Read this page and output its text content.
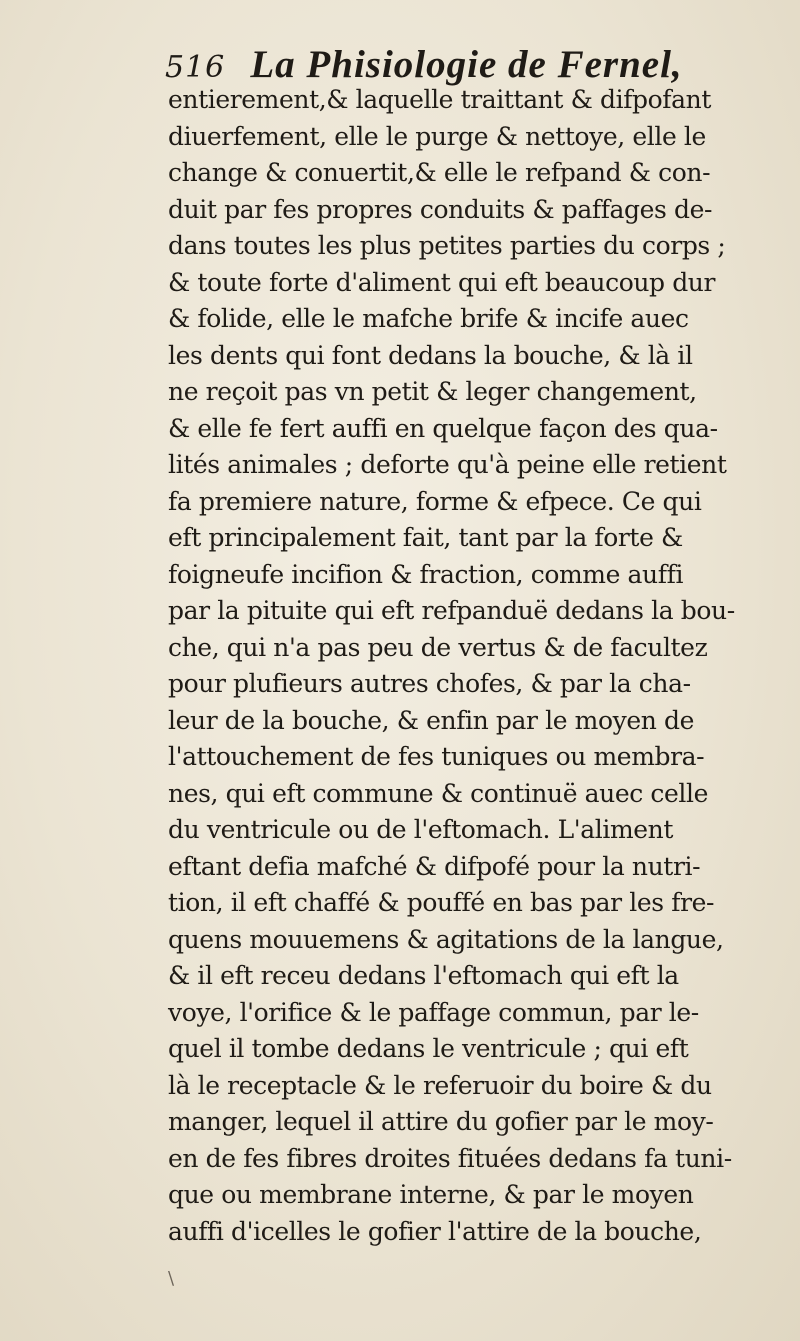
516 La Phisiologie de Fernel,
entierement,& laquelle traittant & difpofant
diuerfement, elle le purge & nettoye, elle le
change & conuertit,& elle le refpand & con-
duit par fes propres conduits & paffages de-
dans toutes les plus petites parties du corps ;
& toute forte d'aliment qui eft beaucoup dur
& folide, elle le mafche brife & incife auec
les dents qui font dedans la bouche, & là il
ne reçoit pas vn petit & leger changement,
& elle fe fert auffi en quelque façon des qua-
lités animales ; deforte qu'à peine elle retient
fa premiere nature, forme & efpece. Ce qui
eft principalement fait, tant par la forte &
foigneufe incifion & fraction, comme auffi
par la pituite qui eft refpanduë dedans la bou-
che, qui n'a pas peu de vertus & de facultez
pour plufieurs autres chofes, & par la cha-
leur de la bouche, & enfin par le moyen de
l'attouchement de fes tuniques ou membra-
nes, qui eft commune & continuë auec celle
du ventricule ou de l'eftomach. L'aliment
eftant defia mafché & difpofé pour la nutri-
tion, il eft chaffé & pouffé en bas par les fre-
quens mouuemens & agitations de la langue,
& il eft receu dedans l'eftomach qui eft la
voye, l'orifice & le paffage commun, par le-
quel il tombe dedans le ventricule ; qui eft
là le receptacle & le referuoir du boire & du
manger, lequel il attire du gofier par le moy-
en de fes fibres droites fituées dedans fa tuni-
que ou membrane interne, & par le moyen
auffi d'icelles le gofier l'attire de la bouche,
\
